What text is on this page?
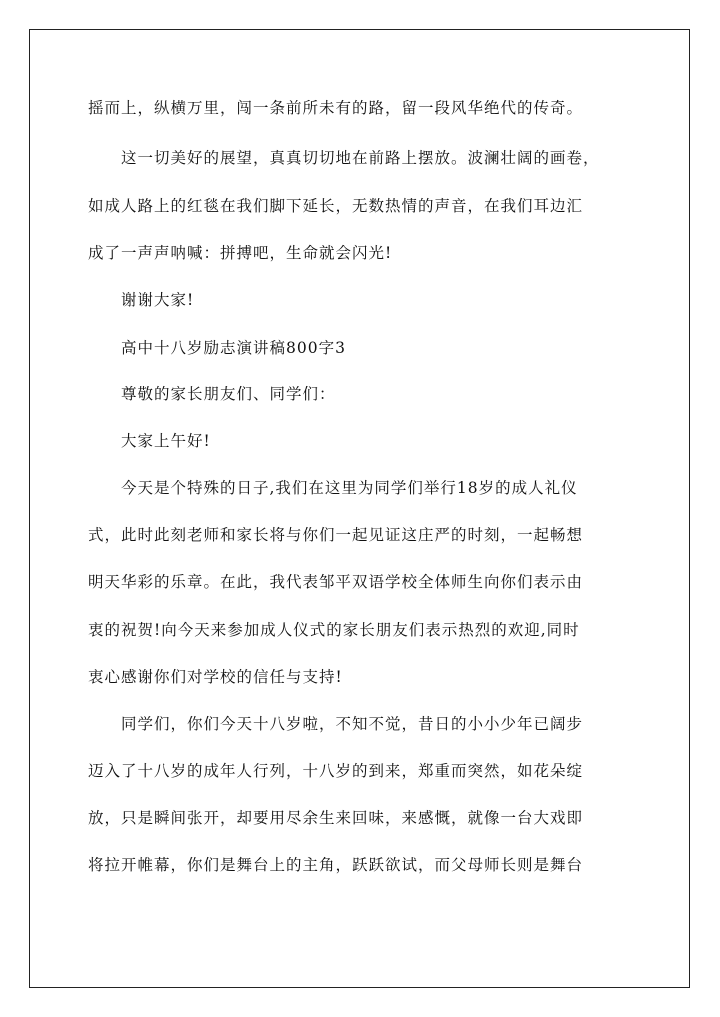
摇而上，纵横万里，闯一条前所未有的路，留一段风华绝代的传奇。
这一切美好的展望，真真切切地在前路上摆放。波澜壮阔的画卷，
如成人路上的红毯在我们脚下延长，无数热情的声音，在我们耳边汇
成了一声声呐喊：拼搏吧，生命就会闪光!
谢谢大家!
高中十八岁励志演讲稿800字3
尊敬的家长朋友们、同学们：
大家上午好!
今天是个特殊的日子,我们在这里为同学们举行18岁的成人礼仪
式，此时此刻老师和家长将与你们一起见证这庄严的时刻，一起畅想
明天华彩的乐章。在此，我代表邹平双语学校全体师生向你们表示由
衷的祝贺!向今天来参加成人仪式的家长朋友们表示热烈的欢迎,同时
衷心感谢你们对学校的信任与支持!
同学们，你们今天十八岁啦，不知不觉，昔日的小小少年已阔步
迈入了十八岁的成年人行列，十八岁的到来，郑重而突然，如花朵绽
放，只是瞬间张开，却要用尽余生来回味，来感慨，就像一台大戏即
将拉开帷幕，你们是舞台上的主角，跃跃欲试，而父母师长则是舞台
